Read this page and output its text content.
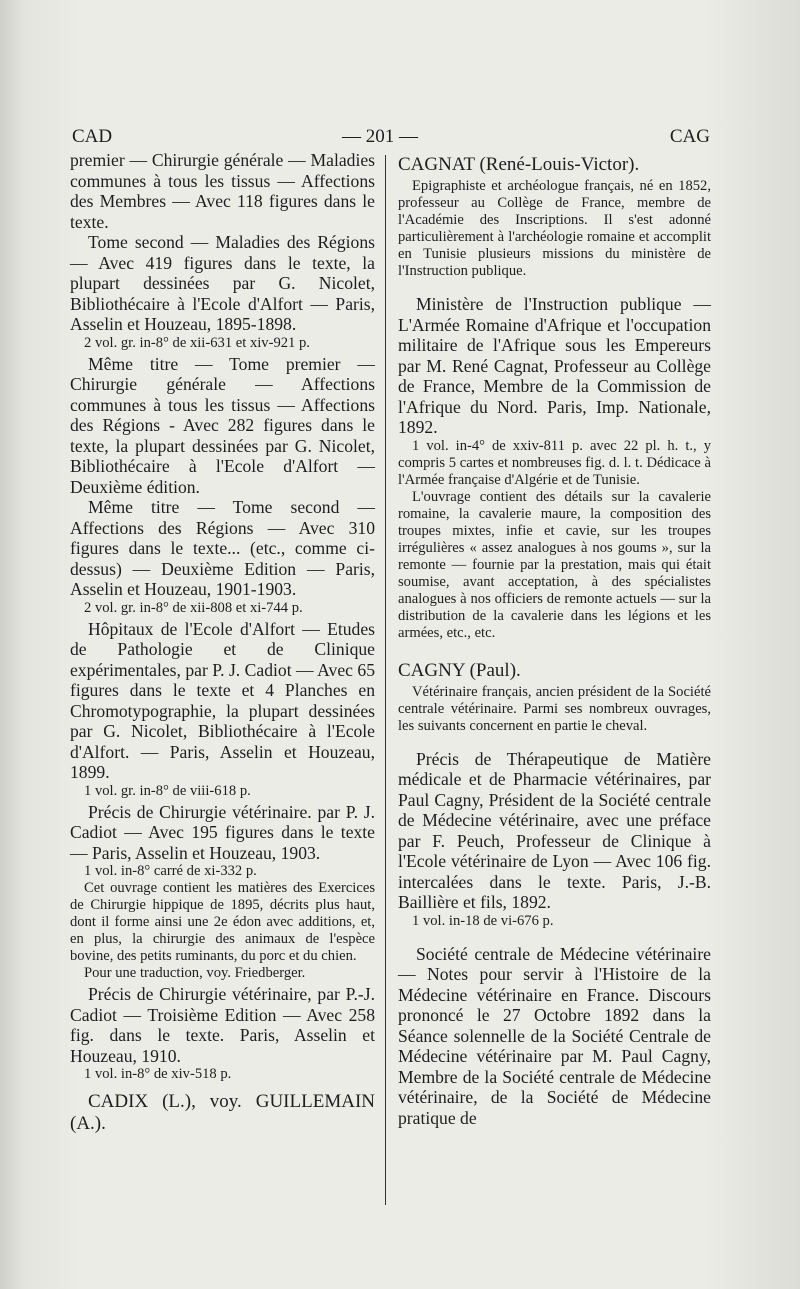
CAD	— 201 —	CAG

premier — Chirurgie générale — Maladies communes à tous les tissus — Affections des Membres — Avec 118 figures dans le texte.

Tome second — Maladies des Régions — Avec 419 figures dans le texte, la plupart dessinées par G. Nicolet, Bibliothécaire à l'Ecole d'Alfort — Paris, Asselin et Houzeau, 1895-1898.

2 vol. gr. in-8° de xii-631 et xiv-921 p.

Même titre — Tome premier — Chirurgie générale — Affections communes à tous les tissus — Affections des Régions - Avec 282 figures dans le texte, la plupart dessinées par G. Nicolet, Bibliothécaire à l'Ecole d'Alfort — Deuxième édition.

Même titre — Tome second — Affections des Régions — Avec 310 figures dans le texte... (etc., comme ci-dessus) — Deuxième Edition — Paris, Asselin et Houzeau, 1901-1903.

2 vol. gr. in-8° de xii-808 et xi-744 p.

Hôpitaux de l'Ecole d'Alfort — Etudes de Pathologie et de Clinique expérimentales, par P. J. Cadiot — Avec 65 figures dans le texte et 4 Planches en Chromotypographie, la plupart dessinées par G. Nicolet, Bibliothécaire à l'Ecole d'Alfort. — Paris, Asselin et Houzeau, 1899.

1 vol. gr. in-8° de viii-618 p.

Précis de Chirurgie vétérinaire. par P. J. Cadiot — Avec 195 figures dans le texte — Paris, Asselin et Houzeau, 1903.

1 vol. in-8° carré de xi-332 p.

Cet ouvrage contient les matières des Exercices de Chirurgie hippique de 1895, décrits plus haut, dont il forme ainsi une 2e édon avec additions, et, en plus, la chirurgie des animaux de l'espèce bovine, des petits ruminants, du porc et du chien.

Pour une traduction, voy. Friedberger.

Précis de Chirurgie vétérinaire, par P.-J. Cadiot — Troisième Edition — Avec 258 fig. dans le texte. Paris, Asselin et Houzeau, 1910.

1 vol. in-8° de xiv-518 p.

CADIX (L.), voy. GUILLEMAIN (A.).

CAGNAT (René-Louis-Victor).

Epigraphiste et archéologue français, né en 1852, professeur au Collège de France, membre de l'Académie des Inscriptions. Il s'est adonné particulièrement à l'archéologie romaine et accomplit en Tunisie plusieurs missions du ministère de l'Instruction publique.

Ministère de l'Instruction publique — L'Armée Romaine d'Afrique et l'occupation militaire de l'Afrique sous les Empereurs par M. René Cagnat, Professeur au Collège de France, Membre de la Commission de l'Afrique du Nord. Paris, Imp. Nationale, 1892.

1 vol. in-4° de xxiv-811 p. avec 22 pl. h. t., y compris 5 cartes et nombreuses fig. d. l. t. Dédicace à l'Armée française d'Algérie et de Tunisie.

L'ouvrage contient des détails sur la cavalerie romaine, la cavalerie maure, la composition des troupes mixtes, infie et cavie, sur les troupes irrégulières « assez analogues à nos goums », sur la remonte — fournie par la prestation, mais qui était soumise, avant acceptation, à des spécialistes analogues à nos officiers de remonte actuels — sur la distribution de la cavalerie dans les légions et les armées, etc., etc.

CAGNY (Paul).

Vétérinaire français, ancien président de la Société centrale vétérinaire. Parmi ses nombreux ouvrages, les suivants concernent en partie le cheval.

Précis de Thérapeutique de Matière médicale et de Pharmacie vétérinaires, par Paul Cagny, Président de la Société centrale de Médecine vétérinaire, avec une préface par F. Peuch, Professeur de Clinique à l'Ecole vétérinaire de Lyon — Avec 106 fig. intercalées dans le texte. Paris, J.-B. Baillière et fils, 1892.

1 vol. in-18 de vi-676 p.

Société centrale de Médecine vétérinaire — Notes pour servir à l'Histoire de la Médecine vétérinaire en France. Discours prononcé le 27 Octobre 1892 dans la Séance solennelle de la Société Centrale de Médecine vétérinaire par M. Paul Cagny, Membre de la Société centrale de Médecine vétérinaire, de la Société de Médecine pratique de
